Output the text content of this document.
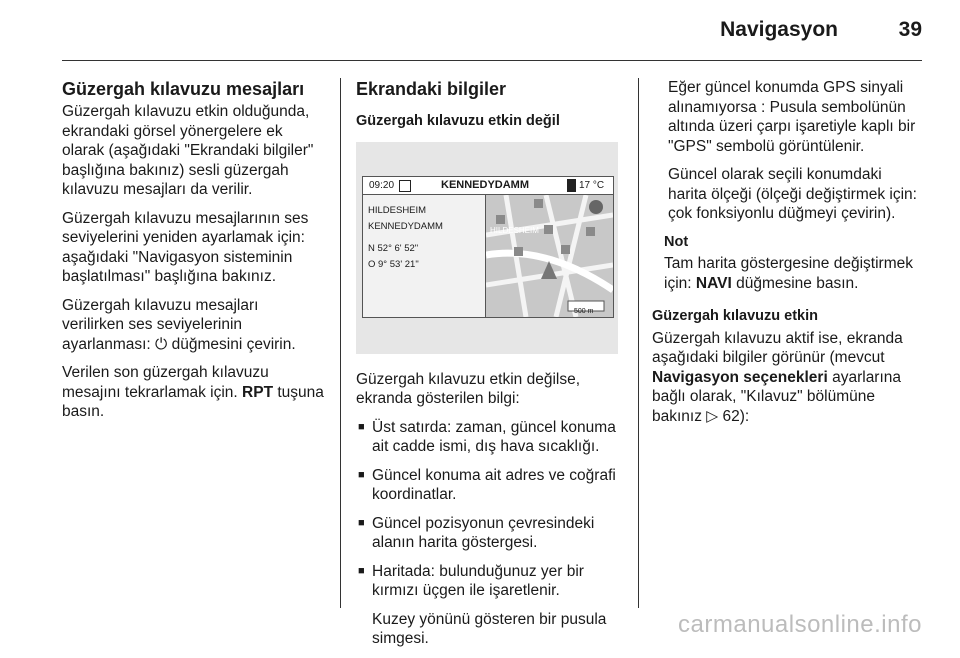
Navigasyon	39
Güzergah kılavuzu mesajları

Güzergah kılavuzu etkin olduğunda, ekrandaki görsel yönergelere ek olarak (aşağıdaki "Ekrandaki bilgiler" başlığına bakınız) sesli güzergah kılavuzu mesajları da verilir.

Güzergah kılavuzu mesajlarının ses seviyelerini yeniden ayarlamak için: aşağıdaki "Navigasyon sisteminin başlatılması" başlığına bakınız.

Güzergah kılavuzu mesajları verilirken ses seviyelerinin ayarlanması: ⏻ düğmesini çevirin.

Verilen son güzergah kılavuzu mesajını tekrarlamak için. RPT tuşuna basın.

Ekrandaki bilgiler
Güzergah kılavuzu etkin değil
09:20	KENNEDYDAMM	17 °C
HILDESHEIM
KENNEDYDAMM
N 52° 6' 52"
O 9° 53' 21"
HILDESHEIM
500 m

Güzergah kılavuzu etkin değilse, ekranda gösterilen bilgi:

■ Üst satırda: zaman, güncel konuma ait cadde ismi, dış hava sıcaklığı.
■ Güncel konuma ait adres ve coğrafi koordinatlar.
■ Güncel pozisyonun çevresindeki alanın harita göstergesi.
■ Haritada: bulunduğunuz yer bir kırmızı üçgen ile işaretlenir.

Kuzey yönünü gösteren bir pusula simgesi.

Eğer güncel konumda GPS sinyali alınamıyorsa : Pusula sembolünün altında üzeri çarpı işaretiyle kaplı bir "GPS" sembolü görüntülenir.

Güncel olarak seçili konumdaki harita ölçeği (ölçeği değiştirmek için: çok fonksiyonlu düğmeyi çevirin).

Not

Tam harita göstergesine değiştirmek için: NAVI düğmesine basın.

Güzergah kılavuzu etkin

Güzergah kılavuzu aktif ise, ekranda aşağıdaki bilgiler görünür (mevcut Navigasyon seçenekleri ayarlarına bağlı olarak, "Kılavuz" bölümüne bakınız ▷ 62):

carmanualsonline.info
